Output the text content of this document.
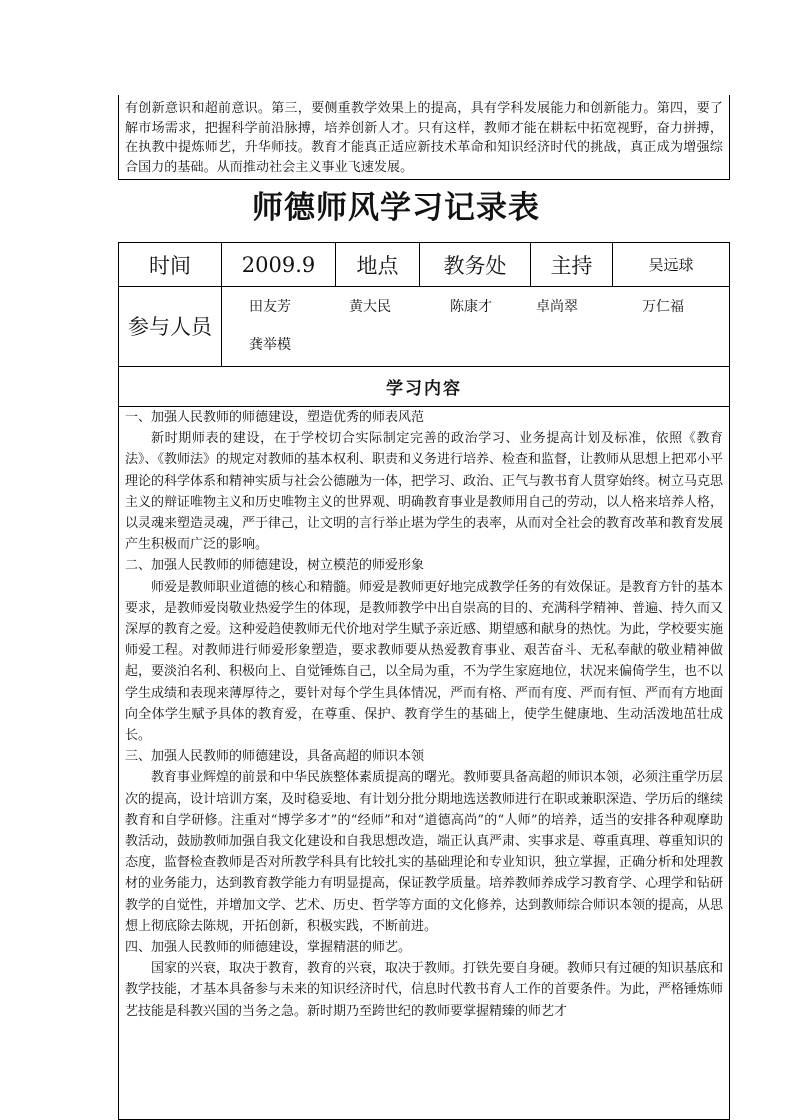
有创新意识和超前意识。第三，要侧重教学效果上的提高，具有学科发展能力和创新能力。第四，要了解市场需求，把握科学前沿脉搏，培养创新人才。只有这样，教师才能在耕耘中拓宽视野，奋力拼搏，在执教中提炼师艺，升华师技。教育才能真正适应新技术革命和知识经济时代的挑战，真正成为增强综合国力的基础。从而推动社会主义事业飞速发展。

师德师风学习记录表
时间	2009.9	地点	教务处	主持	吴远球
参与人员
田友芳	黄大民	陈康才	卓尚翠	万仁福
龚举模
学习内容

一、加强人民教师的师德建设，塑造优秀的师表风范

新时期师表的建设，在于学校切合实际制定完善的政治学习、业务提高计划及标准，依照《教育法》、《教师法》的规定对教师的基本权利、职责和义务进行培养、检查和监督，让教师从思想上把邓小平理论的科学体系和精神实质与社会公德融为一体，把学习、政治、正气与教书育人贯穿始终。树立马克思主义的辩证唯物主义和历史唯物主义的世界观、明确教育事业是教师用自己的劳动，以人格来培养人格，以灵魂来塑造灵魂，严于律己，让文明的言行举止堪为学生的表率，从而对全社会的教育改革和教育发展产生积极而广泛的影响。

二、加强人民教师的师德建设，树立模范的师爱形象

师爱是教师职业道德的核心和精髓。师爱是教师更好地完成教学任务的有效保证。是教育方针的基本要求，是教师爱岗敬业热爱学生的体现，是教师教学中出自崇高的目的、充满科学精神、普遍、持久而又深厚的教育之爱。这种爱趋使教师无代价地对学生赋予亲近感、期望感和献身的热忱。为此，学校要实施师爱工程。对教师进行师爱形象塑造，要求教师要从热爱教育事业、艰苦奋斗、无私奉献的敬业精神做起，要淡泊名利、积极向上、自觉锤炼自己，以全局为重，不为学生家庭地位，状况来偏倚学生，也不以学生成绩和表现来薄厚待之，要针对每个学生具体情况，严而有格、严而有度、严而有恒、严而有方地面向全体学生赋予具体的教育爱，在尊重、保护、教育学生的基础上，使学生健康地、生动活泼地茁壮成长。

三、加强人民教师的师德建设，具备高超的师识本领

教育事业辉煌的前景和中华民族整体素质提高的曙光。教师要具备高超的师识本领，必须注重学历层次的提高，设计培训方案，及时稳妥地、有计划分批分期地选送教师进行在职或兼职深造、学历后的继续教育和自学研修。注重对“博学多才”的“经师”和对“道德高尚”的“人师”的培养，适当的安排各种观摩助教活动，鼓励教师加强自我文化建设和自我思想改造，端正认真严肃、实事求是、尊重真理、尊重知识的态度，监督检查教师是否对所教学科具有比较扎实的基础理论和专业知识，独立掌握，正确分析和处理教材的业务能力，达到教育教学能力有明显提高，保证教学质量。培养教师养成学习教育学、心理学和钻研教学的自觉性，并增加文学、艺术、历史、哲学等方面的文化修养，达到教师综合师识本领的提高，从思想上彻底除去陈规，开拓创新，积极实践，不断前进。

四、加强人民教师的师德建设，掌握精湛的师艺。

国家的兴衰，取决于教育，教育的兴衰，取决于教师。打铁先要自身硬。教师只有过硬的知识基底和教学技能，才基本具备参与未来的知识经济时代，信息时代教书育人工作的首要条件。为此，严格锤炼师艺技能是科教兴国的当务之急。新时期乃至跨世纪的教师要掌握精臻的师艺才
